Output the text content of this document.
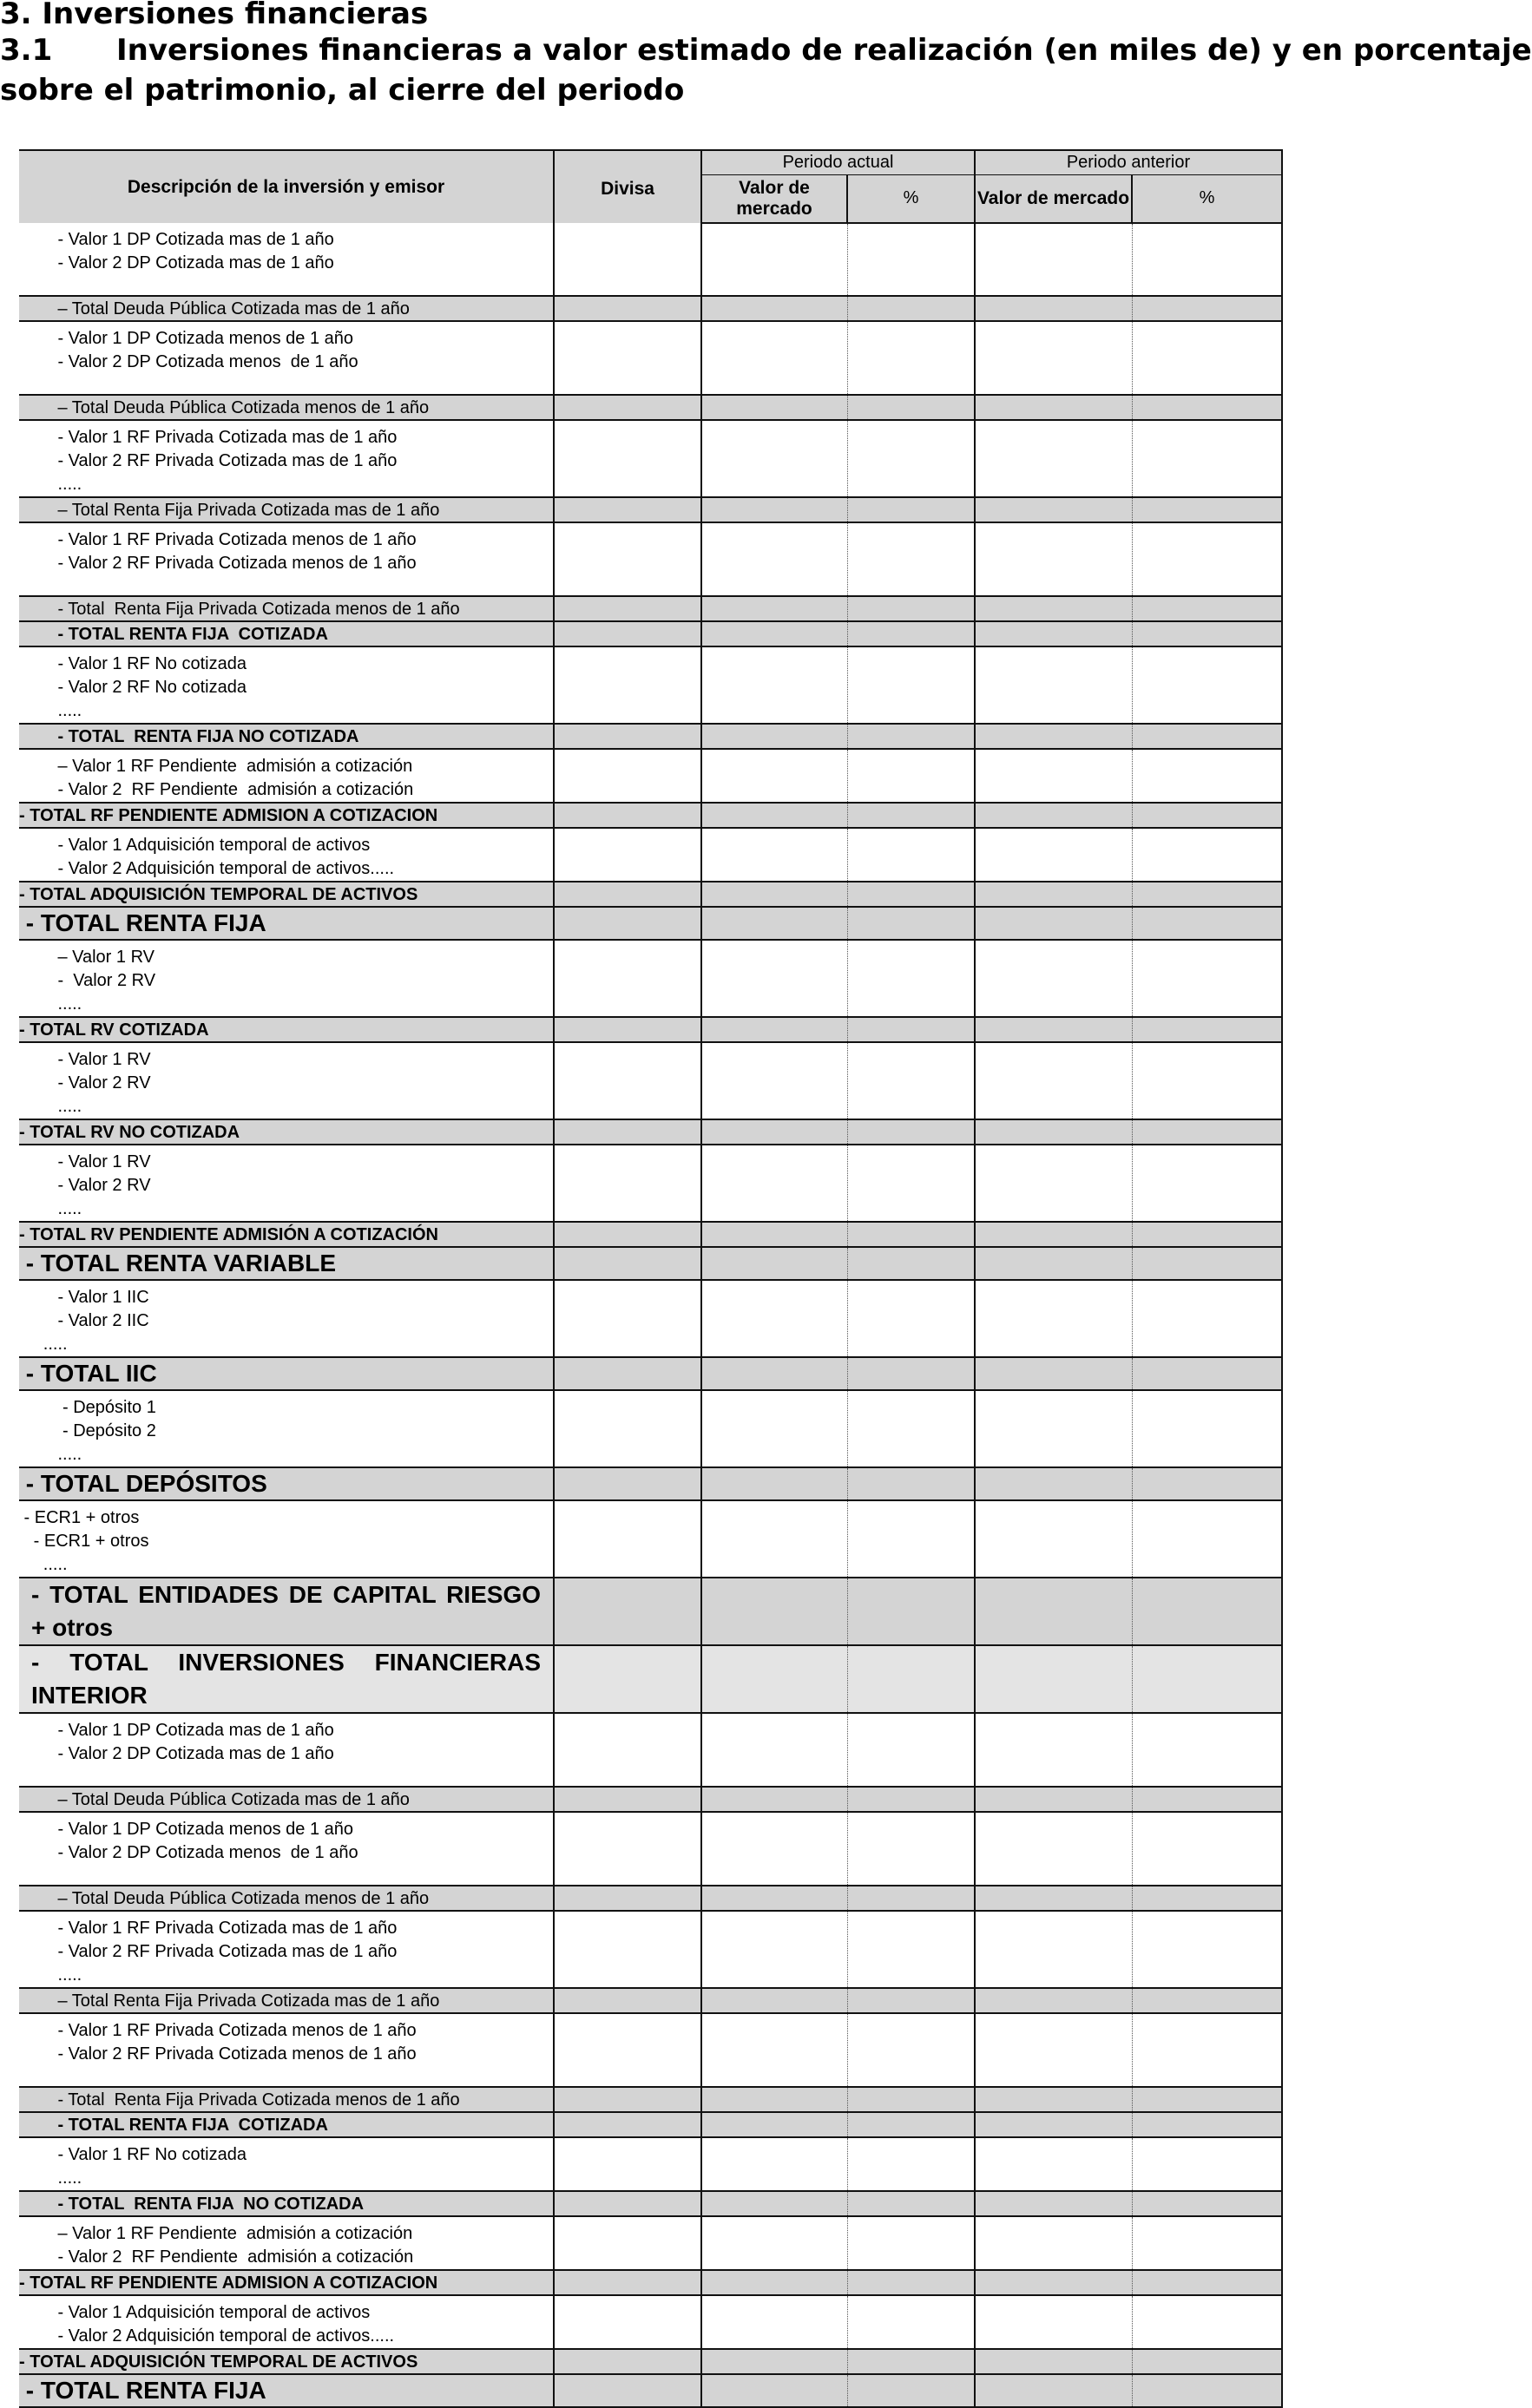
3. Inversiones financieras
3.1 Inversiones financieras a valor estimado de realización (en miles de) y en porcentaje
sobre el patrimonio, al cierre del periodo
Descripción de la inversión y emisor	Divisa	Periodo actual		Periodo anterior	
		Valor de mercado	%	Valor de mercado	%

- Valor 1 DP Cotizada mas de 1 año
- Valor 2 DP Cotizada mas de 1 año					

– Total Deuda Pública Cotizada mas de 1 año					

- Valor 1 DP Cotizada menos de 1 año
- Valor 2 DP Cotizada menos  de 1 año					

– Total Deuda Pública Cotizada menos de 1 año					

- Valor 1 RF Privada Cotizada mas de 1 año
- Valor 2 RF Privada Cotizada mas de 1 año
.....					

– Total Renta Fija Privada Cotizada mas de 1 año					

- Valor 1 RF Privada Cotizada menos de 1 año
- Valor 2 RF Privada Cotizada menos de 1 año					

- Total  Renta Fija Privada Cotizada menos de 1 año					
- TOTAL RENTA FIJA  COTIZADA					

- Valor 1 RF No cotizada
- Valor 2 RF No cotizada
.....					

- TOTAL  RENTA FIJA NO COTIZADA					

– Valor 1 RF Pendiente  admisión a cotización
- Valor 2  RF Pendiente  admisión a cotización					

- TOTAL RF PENDIENTE ADMISION A COTIZACION					

- Valor 1 Adquisición temporal de activos
- Valor 2 Adquisición temporal de activos.....					

- TOTAL ADQUISICIÓN TEMPORAL DE ACTIVOS					
- TOTAL RENTA FIJA					

– Valor 1 RV
-  Valor 2 RV
.....					

- TOTAL RV COTIZADA					

- Valor 1 RV
- Valor 2 RV
.....					

- TOTAL RV NO COTIZADA					

- Valor 1 RV
- Valor 2 RV
.....					

- TOTAL RV PENDIENTE ADMISIÓN A COTIZACIÓN					
- TOTAL RENTA VARIABLE					

- Valor 1 IIC
- Valor 2 IIC
.....					

- TOTAL IIC					

- Depósito 1
- Depósito 2
.....					

- TOTAL DEPÓSITOS					

- ECR1 + otros
- ECR1 + otros
.....					

- TOTAL ENTIDADES DE CAPITAL RIESGO + otros					
- TOTAL INVERSIONES FINANCIERAS INTERIOR					

- Valor 1 DP Cotizada mas de 1 año
- Valor 2 DP Cotizada mas de 1 año					

– Total Deuda Pública Cotizada mas de 1 año					

- Valor 1 DP Cotizada menos de 1 año
- Valor 2 DP Cotizada menos  de 1 año					

– Total Deuda Pública Cotizada menos de 1 año					

- Valor 1 RF Privada Cotizada mas de 1 año
- Valor 2 RF Privada Cotizada mas de 1 año
.....					

– Total Renta Fija Privada Cotizada mas de 1 año					

- Valor 1 RF Privada Cotizada menos de 1 año
- Valor 2 RF Privada Cotizada menos de 1 año					

- Total  Renta Fija Privada Cotizada menos de 1 año					
- TOTAL RENTA FIJA  COTIZADA					

- Valor 1 RF No cotizada
.....					

- TOTAL  RENTA FIJA  NO COTIZADA					

– Valor 1 RF Pendiente  admisión a cotización
- Valor 2  RF Pendiente  admisión a cotización					

- TOTAL RF PENDIENTE ADMISION A COTIZACION					

- Valor 1 Adquisición temporal de activos
- Valor 2 Adquisición temporal de activos.....					

- TOTAL ADQUISICIÓN TEMPORAL DE ACTIVOS					
- TOTAL RENTA FIJA					
